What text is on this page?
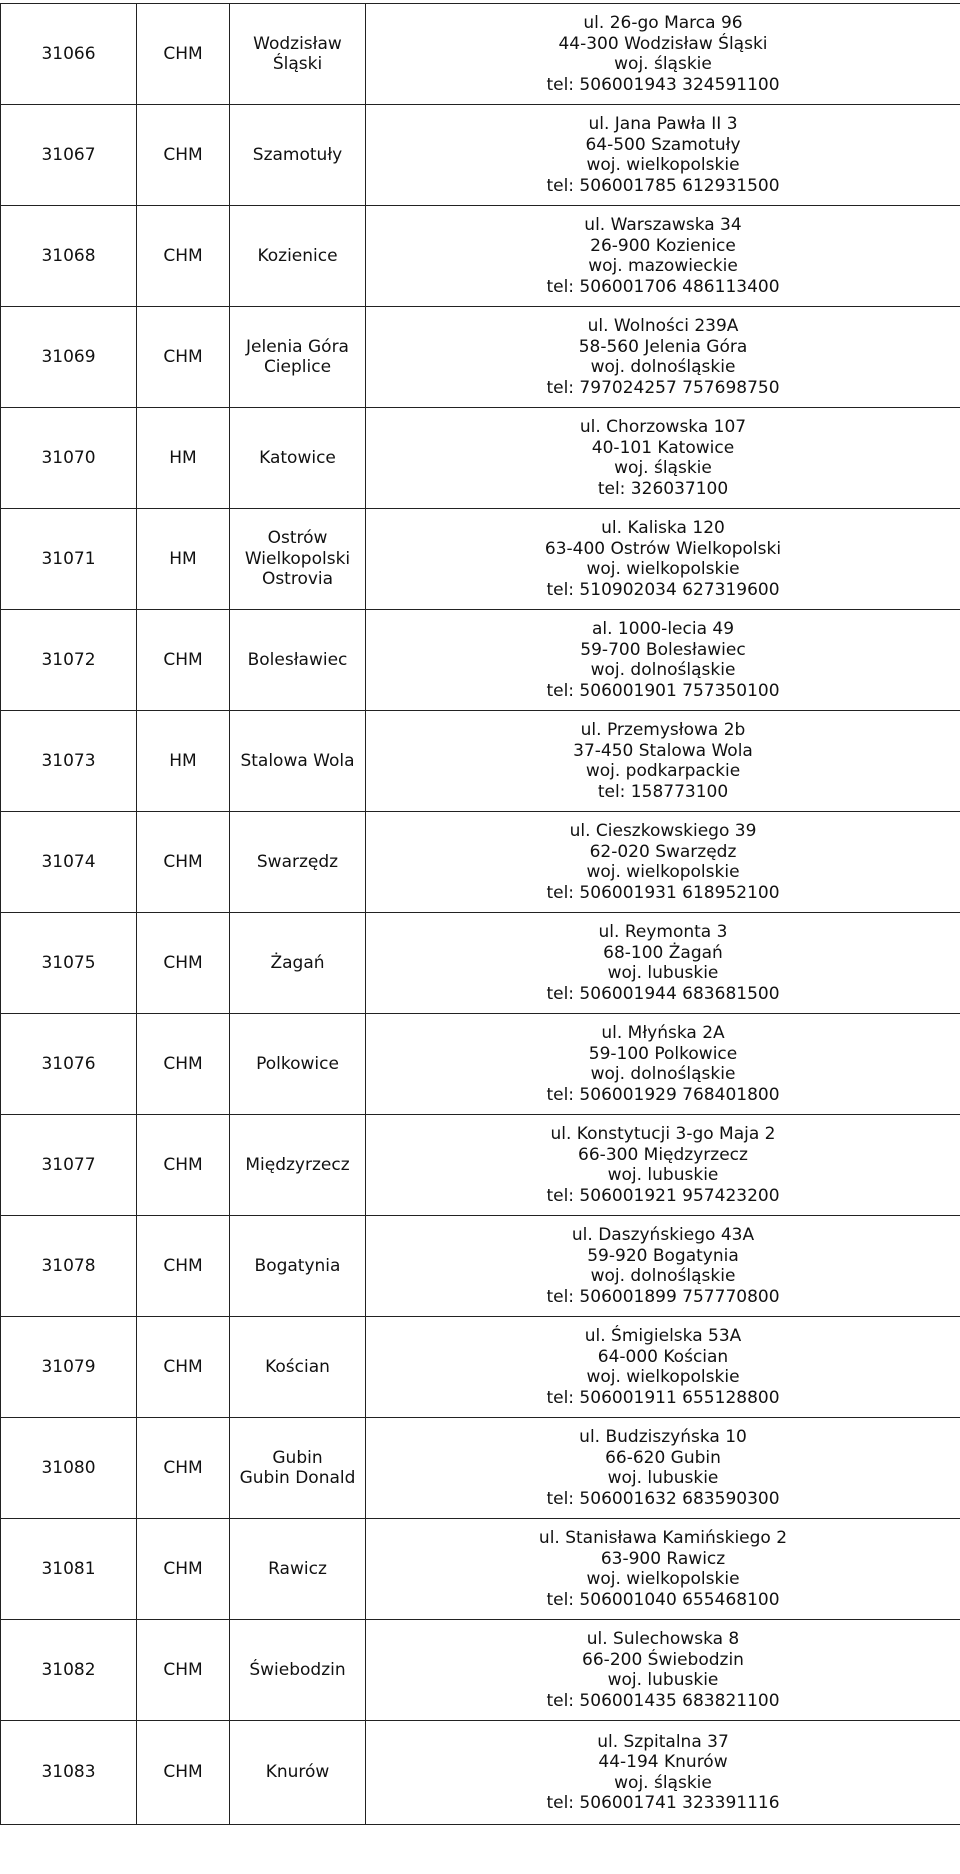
31066	CHM	Wodzisław
Śląski	ul. 26-go Marca 96
44-300 Wodzisław Śląski
woj. śląskie
tel: 506001943 324591100

31067	CHM	Szamotuły	ul. Jana Pawła II 3
64-500 Szamotuły
woj. wielkopolskie
tel: 506001785 612931500

31068	CHM	Kozienice	ul. Warszawska 34
26-900 Kozienice
woj. mazowieckie
tel: 506001706 486113400

31069	CHM	Jelenia Góra
Cieplice	ul. Wolności 239A
58-560 Jelenia Góra
woj. dolnośląskie
tel: 797024257 757698750

31070	HM	Katowice	ul. Chorzowska 107
40-101 Katowice
woj. śląskie
tel: 326037100

31071	HM	Ostrów
Wielkopolski
Ostrovia	ul. Kaliska 120
63-400 Ostrów Wielkopolski
woj. wielkopolskie
tel: 510902034 627319600

31072	CHM	Bolesławiec	al. 1000-lecia 49
59-700 Bolesławiec
woj. dolnośląskie
tel: 506001901 757350100

31073	HM	Stalowa Wola	ul. Przemysłowa 2b
37-450 Stalowa Wola
woj. podkarpackie
tel: 158773100

31074	CHM	Swarzędz	ul. Cieszkowskiego 39
62-020 Swarzędz
woj. wielkopolskie
tel: 506001931 618952100

31075	CHM	Żagań	ul. Reymonta 3
68-100 Żagań
woj. lubuskie
tel: 506001944 683681500

31076	CHM	Polkowice	ul. Młyńska 2A
59-100 Polkowice
woj. dolnośląskie
tel: 506001929 768401800

31077	CHM	Międzyrzecz	ul. Konstytucji 3-go Maja 2
66-300 Międzyrzecz
woj. lubuskie
tel: 506001921 957423200

31078	CHM	Bogatynia	ul. Daszyńskiego 43A
59-920 Bogatynia
woj. dolnośląskie
tel: 506001899 757770800

31079	CHM	Kościan	ul. Śmigielska 53A
64-000 Kościan
woj. wielkopolskie
tel: 506001911 655128800

31080	CHM	Gubin
Gubin Donald	ul. Budziszyńska 10
66-620 Gubin
woj. lubuskie
tel: 506001632 683590300

31081	CHM	Rawicz	ul. Stanisława Kamińskiego 2
63-900 Rawicz
woj. wielkopolskie
tel: 506001040 655468100

31082	CHM	Świebodzin	ul. Sulechowska 8
66-200 Świebodzin
woj. lubuskie
tel: 506001435 683821100

31083	CHM	Knurów	ul. Szpitalna 37
44-194 Knurów
woj. śląskie
tel: 506001741 323391116
